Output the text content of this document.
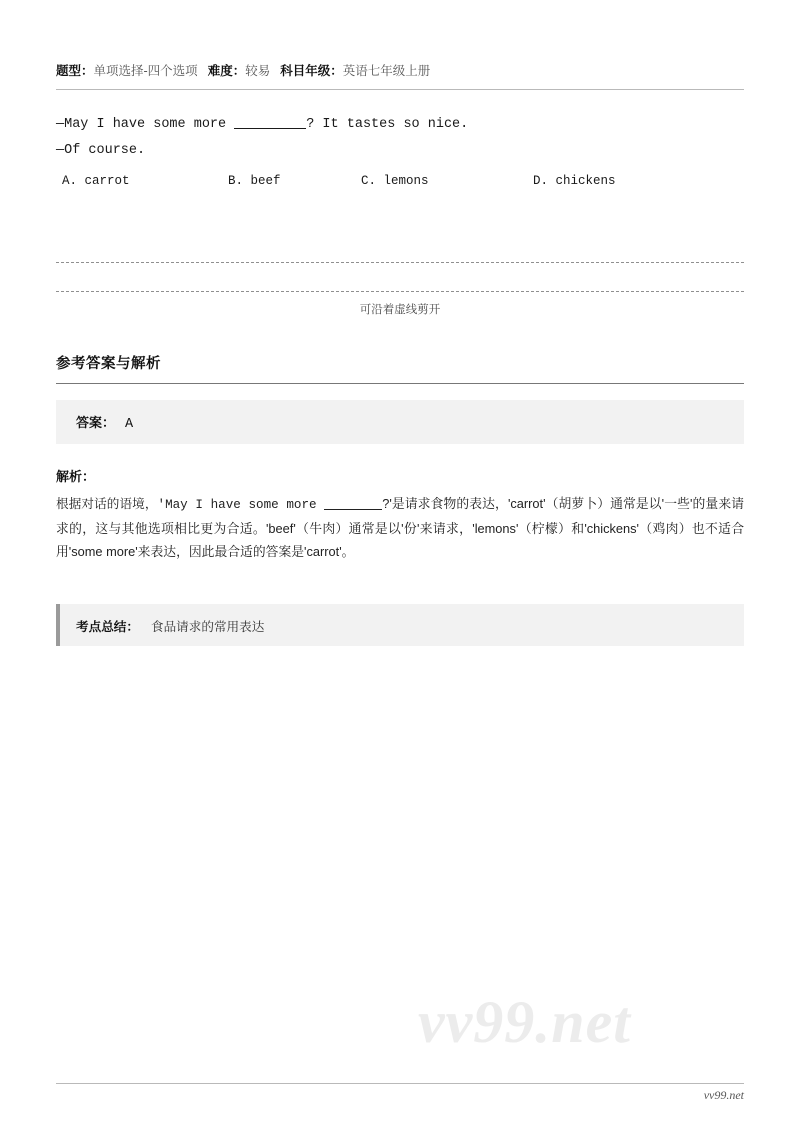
题型：单项选择-四个选项 难度：较易 科目年级：英语七年级上册
—May I have some more	? It tastes so nice.
—Of course.
A. carrot	B. beef	C. lemons	D. chickens
可沿着虚线剪开
参考答案与解析
答案： A
解析：
根据对话的语境，'May I have some more	?'是请求食物的表达，'carrot'（胡萝卜）通常是以'一些'的量来请求的，这与其他选项相比更为合适。'beef'（牛肉）通常是以'份'来请求，'lemons'（柠檬）和'chickens'（鸡肉）也不适合用'some more'来表达，因此最合适的答案是'carrot'。
考点总结： 食品请求的常用表达
vv99.net
vv99.net
